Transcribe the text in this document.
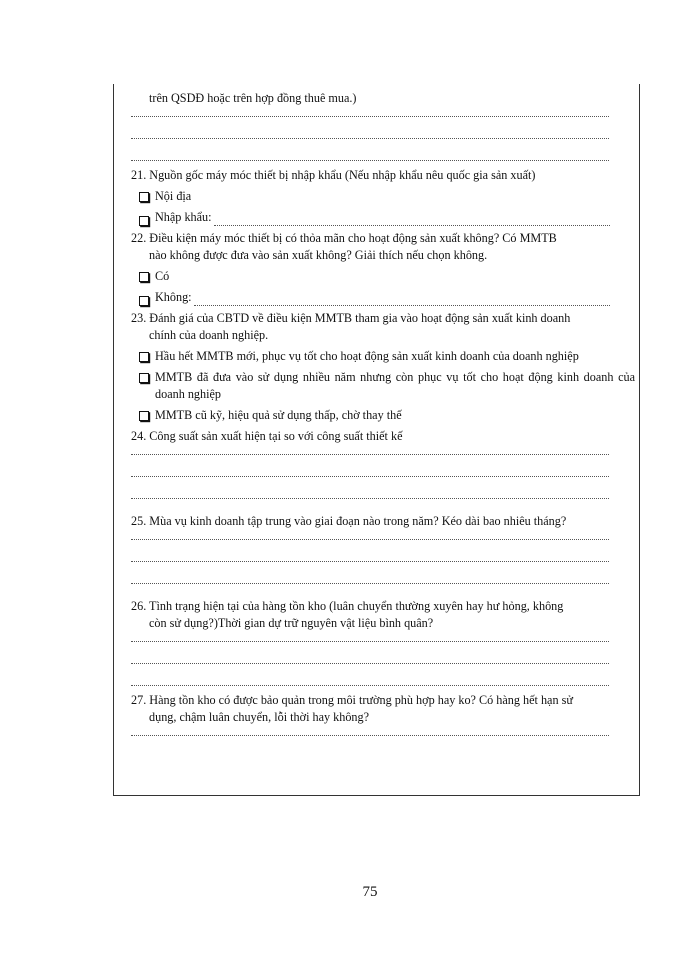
trên QSDĐ hoặc trên hợp đồng thuê mua.)
21. Nguồn gốc máy móc thiết bị nhập khẩu (Nếu nhập khẩu nêu quốc gia sản xuất)
Nội địa
Nhập khẩu:
22. Điều kiện máy móc thiết bị có thỏa mãn cho hoạt động sản xuất không? Có MMTB
nào không được đưa vào sản xuất không? Giải thích nếu chọn không.
Có
Không:
23. Đánh giá của CBTD về điều kiện MMTB tham gia vào hoạt động sản xuất kinh doanh
chính của doanh nghiệp.
Hầu hết MMTB mới, phục vụ tốt cho hoạt động sản xuất kinh doanh của doanh nghiệp
MMTB đã đưa vào sử dụng nhiều năm nhưng còn phục vụ tốt cho hoạt động kinh doanh của doanh nghiệp
MMTB cũ kỹ, hiệu quả sử dụng thấp, chờ thay thế
24. Công suất sản xuất hiện tại so với công suất thiết kế
25. Mùa vụ kinh doanh tập trung vào giai đoạn nào trong năm? Kéo dài bao nhiêu tháng?
26. Tình trạng hiện tại của hàng tồn kho (luân chuyển thường xuyên hay hư hỏng, không
còn sử dụng?)Thời gian dự trữ nguyên vật liệu bình quân?
27. Hàng tồn kho có được bảo quản trong môi trường phù hợp hay ko? Có hàng hết hạn sử
dụng, chậm luân chuyển, lỗi thời hay không?
75
